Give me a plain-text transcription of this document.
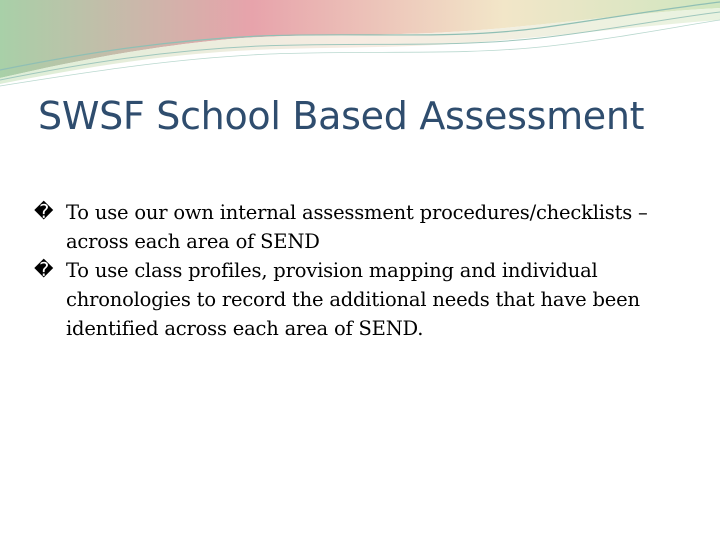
SWSF School Based Assessment
� To use our own internal assessment procedures/checklists – across each area of SEND
� To use class profiles, provision mapping and individual chronologies to record the additional needs that have been identified across each area of SEND.
